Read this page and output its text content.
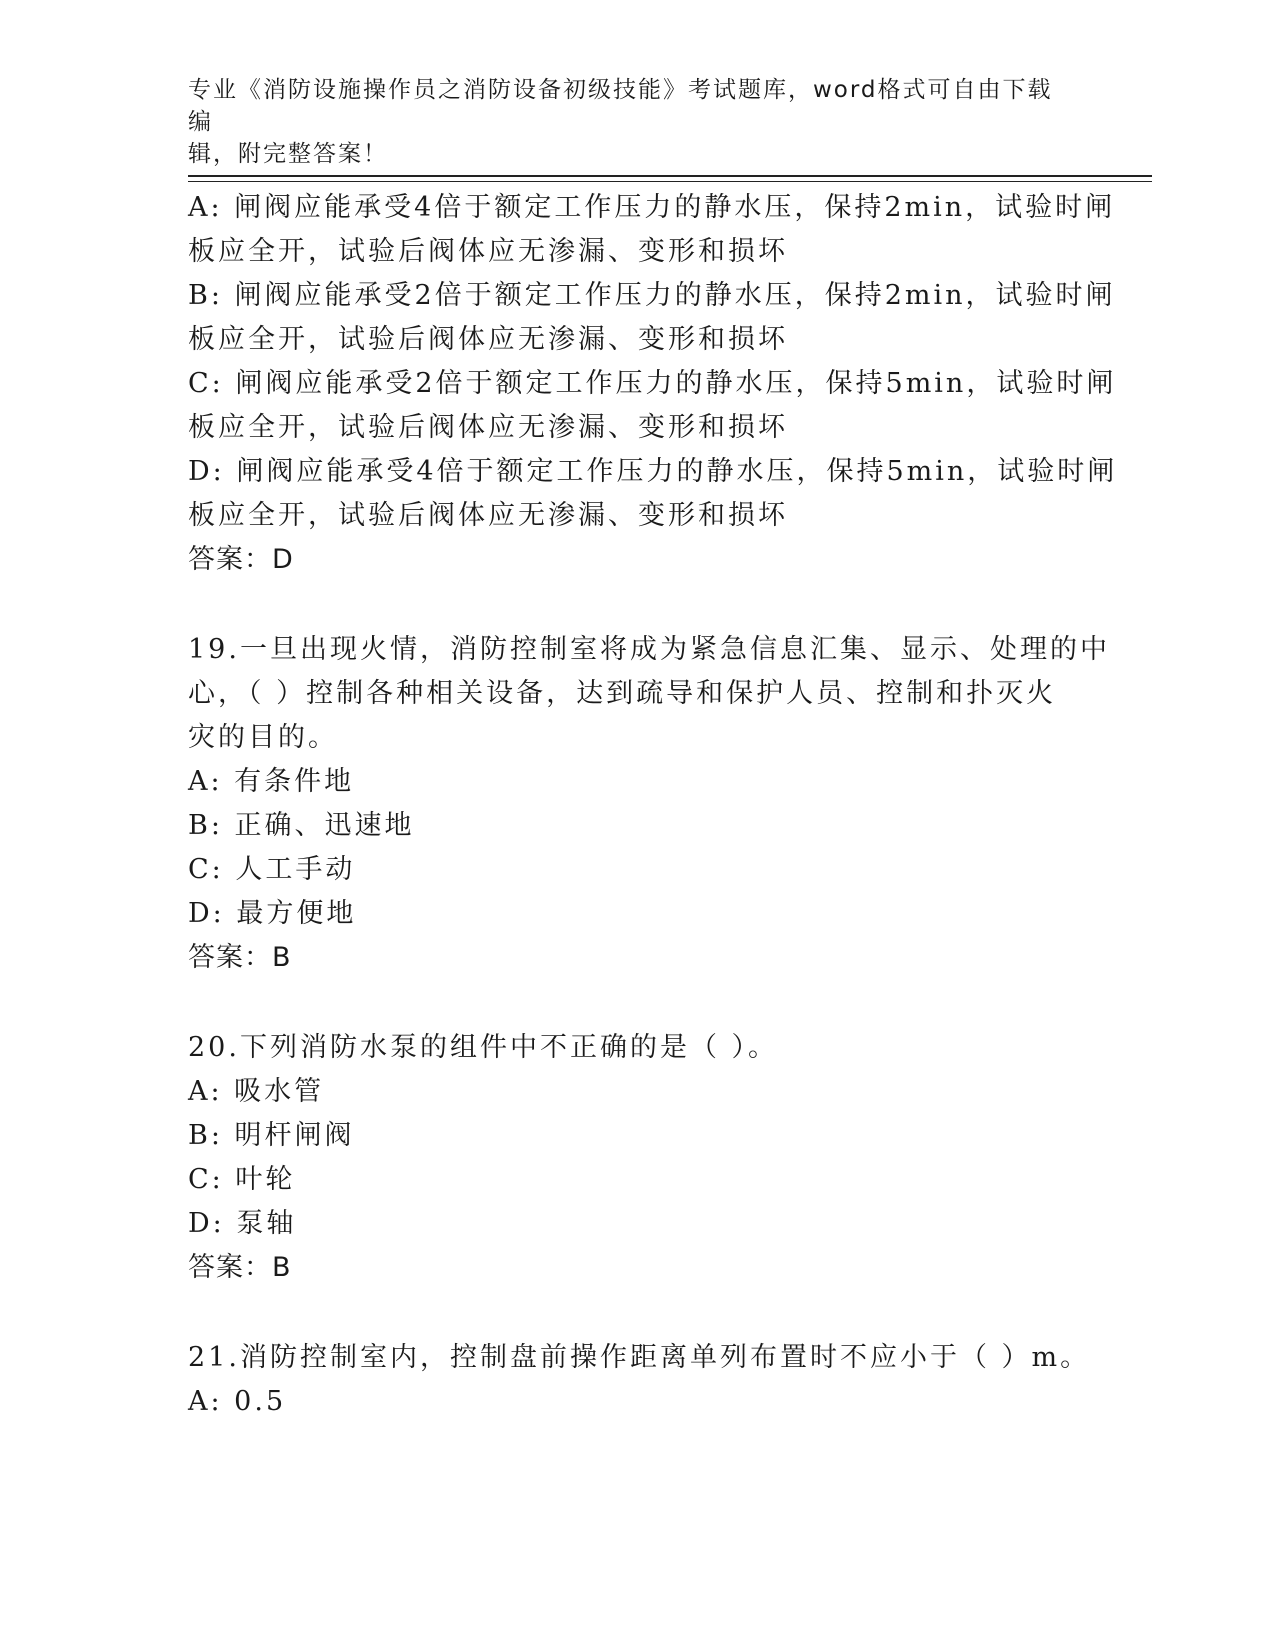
专业《消防设施操作员之消防设备初级技能》考试题库，word格式可自由下载编
辑，附完整答案！
A: 闸阀应能承受4倍于额定工作压力的静水压，保持2min，试验时闸
板应全开，试验后阀体应无渗漏、变形和损坏
B: 闸阀应能承受2倍于额定工作压力的静水压，保持2min，试验时闸
板应全开，试验后阀体应无渗漏、变形和损坏
C: 闸阀应能承受2倍于额定工作压力的静水压，保持5min，试验时闸
板应全开，试验后阀体应无渗漏、变形和损坏
D: 闸阀应能承受4倍于额定工作压力的静水压，保持5min，试验时闸
板应全开，试验后阀体应无渗漏、变形和损坏
答案：D
19.一旦出现火情，消防控制室将成为紧急信息汇集、显示、处理的中
心，（ ）控制各种相关设备，达到疏导和保护人员、控制和扑灭火
灾的目的。
A: 有条件地
B: 正确、迅速地
C: 人工手动
D: 最方便地
答案：B
20.下列消防水泵的组件中不正确的是（ ）。
A: 吸水管
B: 明杆闸阀
C: 叶轮
D: 泵轴
答案：B
21.消防控制室内，控制盘前操作距离单列布置时不应小于（ ）m。
A: 0.5
